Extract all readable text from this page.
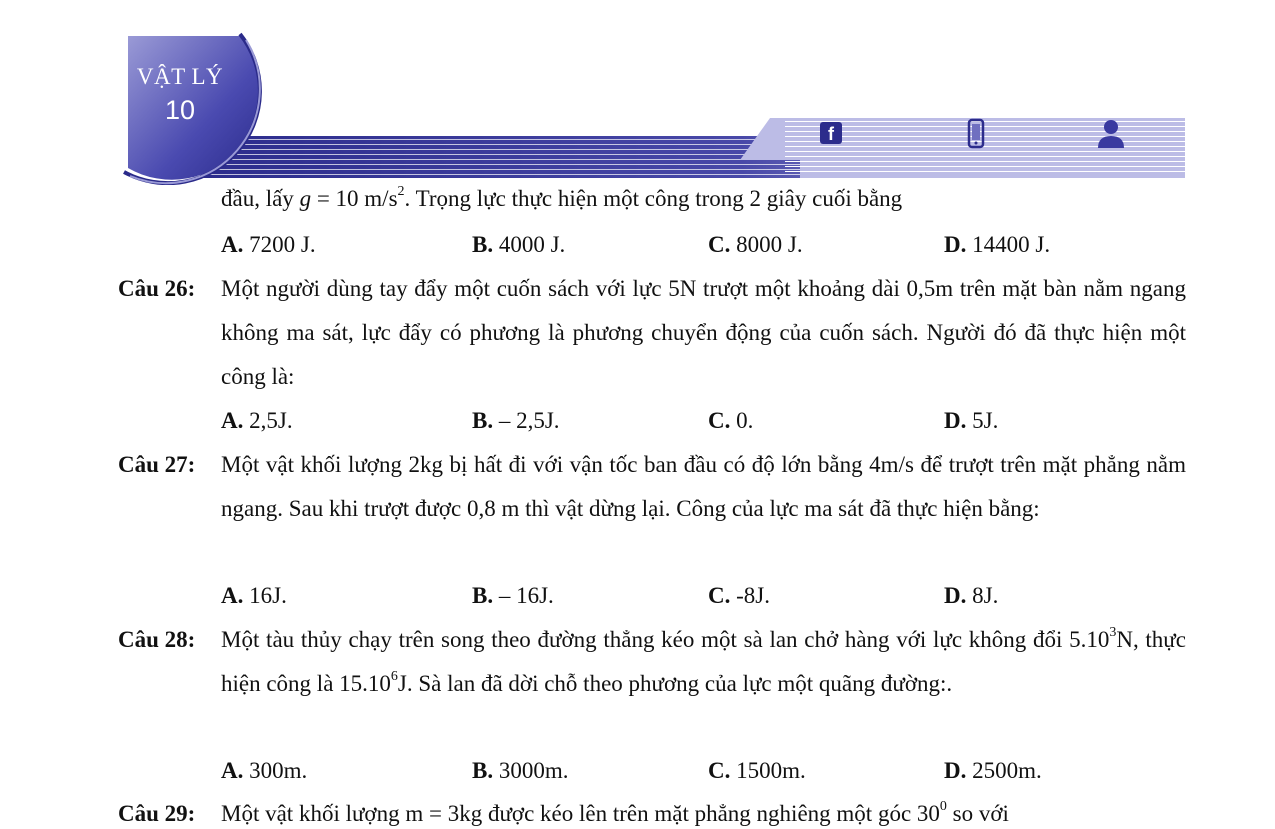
VẬT LÝ
10
f
đầu, lấy g = 10 $m/s^2$. Trọng lực thực hiện một công trong 2 giây cuối bằng
A. 7200 J.	B. 4000 J.	C. 8000 J.	D. 14400 J.
Câu 26: Một người dùng tay đẩy một cuốn sách với lực 5N trượt một khoảng dài 0,5m trên mặt bàn nằm ngang không ma sát, lực đẩy có phương là phương chuyển động của cuốn sách. Người đó đã thực hiện một công là:
A. 2,5J.	B. – 2,5J.	C. 0.	D. 5J.
Câu 27: Một vật khối lượng 2kg bị hất đi với vận tốc ban đầu có độ lớn bằng 4m/s để trượt trên mặt phẳng nằm ngang. Sau khi trượt được 0,8 m thì vật dừng lại. Công của lực ma sát đã thực hiện bằng:
A. 16J.	B. – 16J.	C. -8J.	D. 8J.
Câu 28: Một tàu thủy chạy trên song theo đường thẳng kéo một sà lan chở hàng với lực không đổi 5.10$^3$N, thực hiện công là 15.10$^6$J. Sà lan đã dời chỗ theo phương của lực một quãng đường:.
A. 300m.	B. 3000m.	C. 1500m.	D. 2500m.
Câu 29: Một vật khối lượng m = 3kg được kéo lên trên mặt phẳng nghiêng một góc $30^0$ so với
